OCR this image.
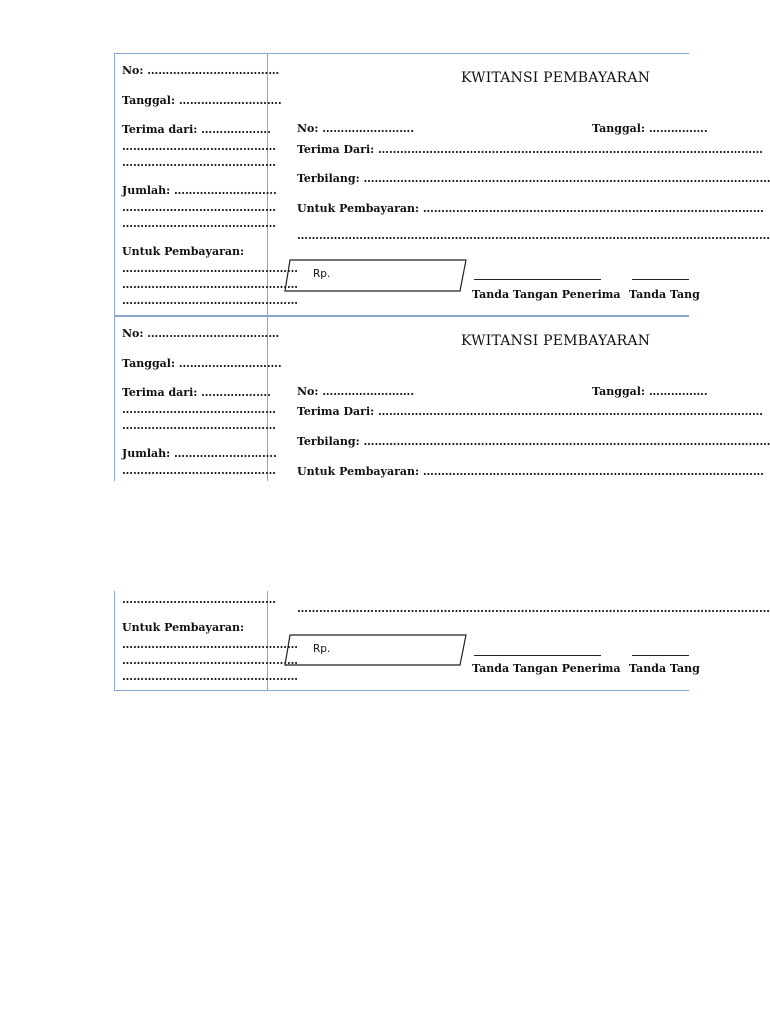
No: ………………………………
Tanggal: ……………………….
Terima dari: ……………….
……………………………………
……………………………………
Jumlah: ……………………….
……………………………………
……………………………………
Untuk Pembayaran:
…………………………………………
…………………………………………
…………………………………………
KWITANSI PEMBAYARAN
No: …………………….	Tanggal: …………….
Terima Dari: ……………………………………………………………………………………………
Terbilang: …………………………………………………………………………………………………
Untuk Pembayaran: …………………………………………………………………………………
…………………………………………………………………………………………………………………
Rp.
Tanda Tangan Penerima Tanda Tang
No: ………………………………
Tanggal: ……………………….
Terima dari: ……………….
……………………………………
……………………………………
Jumlah: ……………………….
……………………………………
KWITANSI PEMBAYARAN
No: …………………….	Tanggal: …………….
Terima Dari: ……………………………………………………………………………………………
Terbilang: …………………………………………………………………………………………………
Untuk Pembayaran: …………………………………………………………………………………
……………………………………
Untuk Pembayaran:
…………………………………………
…………………………………………
…………………………………………
…………………………………………………………………………………………………………………
Rp.
Tanda Tangan Penerima Tanda Tang
